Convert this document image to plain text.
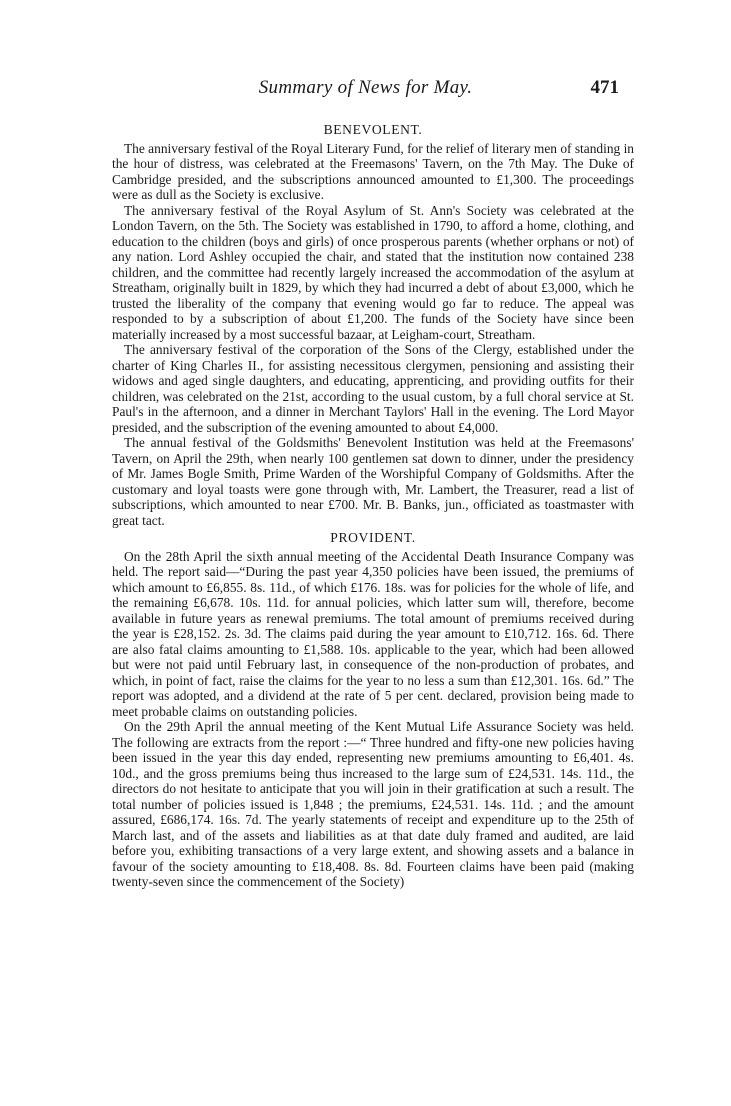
Summary of News for May.	471
BENEVOLENT.

The anniversary festival of the Royal Literary Fund, for the relief of literary men of standing in the hour of distress, was celebrated at the Freemasons' Tavern, on the 7th May. The Duke of Cambridge presided, and the subscriptions announced amounted to £1,300. The proceedings were as dull as the Society is exclusive.

The anniversary festival of the Royal Asylum of St. Ann's Society was celebrated at the London Tavern, on the 5th. The Society was established in 1790, to afford a home, clothing, and education to the children (boys and girls) of once prosperous parents (whether orphans or not) of any nation. Lord Ashley occupied the chair, and stated that the institution now contained 238 children, and the committee had recently largely increased the accommodation of the asylum at Streatham, originally built in 1829, by which they had incurred a debt of about £3,000, which he trusted the liberality of the company that evening would go far to reduce. The appeal was responded to by a subscription of about £1,200. The funds of the Society have since been materially increased by a most successful bazaar, at Leigham-court, Streatham.

The anniversary festival of the corporation of the Sons of the Clergy, established under the charter of King Charles II., for assisting necessitous clergymen, pensioning and assisting their widows and aged single daughters, and educating, apprenticing, and providing outfits for their children, was celebrated on the 21st, according to the usual custom, by a full choral service at St. Paul's in the afternoon, and a dinner in Merchant Taylors' Hall in the evening. The Lord Mayor presided, and the subscription of the evening amounted to about £4,000.

The annual festival of the Goldsmiths' Benevolent Institution was held at the Freemasons' Tavern, on April the 29th, when nearly 100 gentlemen sat down to dinner, under the presidency of Mr. James Bogle Smith, Prime Warden of the Worshipful Company of Goldsmiths. After the customary and loyal toasts were gone through with, Mr. Lambert, the Treasurer, read a list of subscriptions, which amounted to near £700. Mr. B. Banks, jun., officiated as toastmaster with great tact.

PROVIDENT.

On the 28th April the sixth annual meeting of the Accidental Death Insurance Company was held. The report said—“During the past year 4,350 policies have been issued, the premiums of which amount to £6,855. 8s. 11d., of which £176. 18s. was for policies for the whole of life, and the remaining £6,678. 10s. 11d. for annual policies, which latter sum will, therefore, become available in future years as renewal premiums. The total amount of premiums received during the year is £28,152. 2s. 3d. The claims paid during the year amount to £10,712. 16s. 6d. There are also fatal claims amounting to £1,588. 10s. applicable to the year, which had been allowed but were not paid until February last, in consequence of the non-production of probates, and which, in point of fact, raise the claims for the year to no less a sum than £12,301. 16s. 6d.” The report was adopted, and a dividend at the rate of 5 per cent. declared, provision being made to meet probable claims on outstanding policies.

On the 29th April the annual meeting of the Kent Mutual Life Assurance Society was held. The following are extracts from the report :—“ Three hundred and fifty-one new policies having been issued in the year this day ended, representing new premiums amounting to £6,401. 4s. 10d., and the gross premiums being thus increased to the large sum of £24,531. 14s. 11d., the directors do not hesitate to anticipate that you will join in their gratification at such a result. The total number of policies issued is 1,848 ; the premiums, £24,531. 14s. 11d. ; and the amount assured, £686,174. 16s. 7d. The yearly statements of receipt and expenditure up to the 25th of March last, and of the assets and liabilities as at that date duly framed and audited, are laid before you, exhibiting transactions of a very large extent, and showing assets and a balance in favour of the society amounting to £18,408. 8s. 8d. Fourteen claims have been paid (making twenty-seven since the commencement of the Society)
